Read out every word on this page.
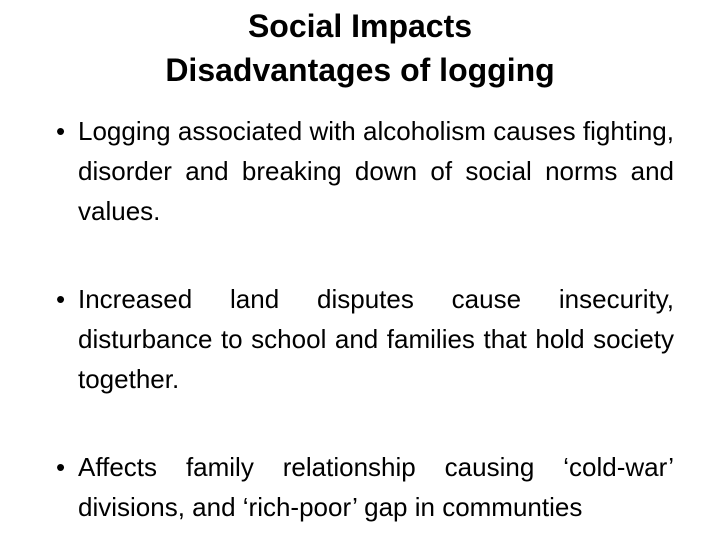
Social Impacts
Disadvantages of logging
• Logging associated with alcoholism causes fighting, disorder and breaking down of social norms and values.
• Increased land disputes cause insecurity, disturbance to school and families that hold society together.
• Affects family relationship causing ‘cold-war’ divisions, and ‘rich-poor’ gap in communties
